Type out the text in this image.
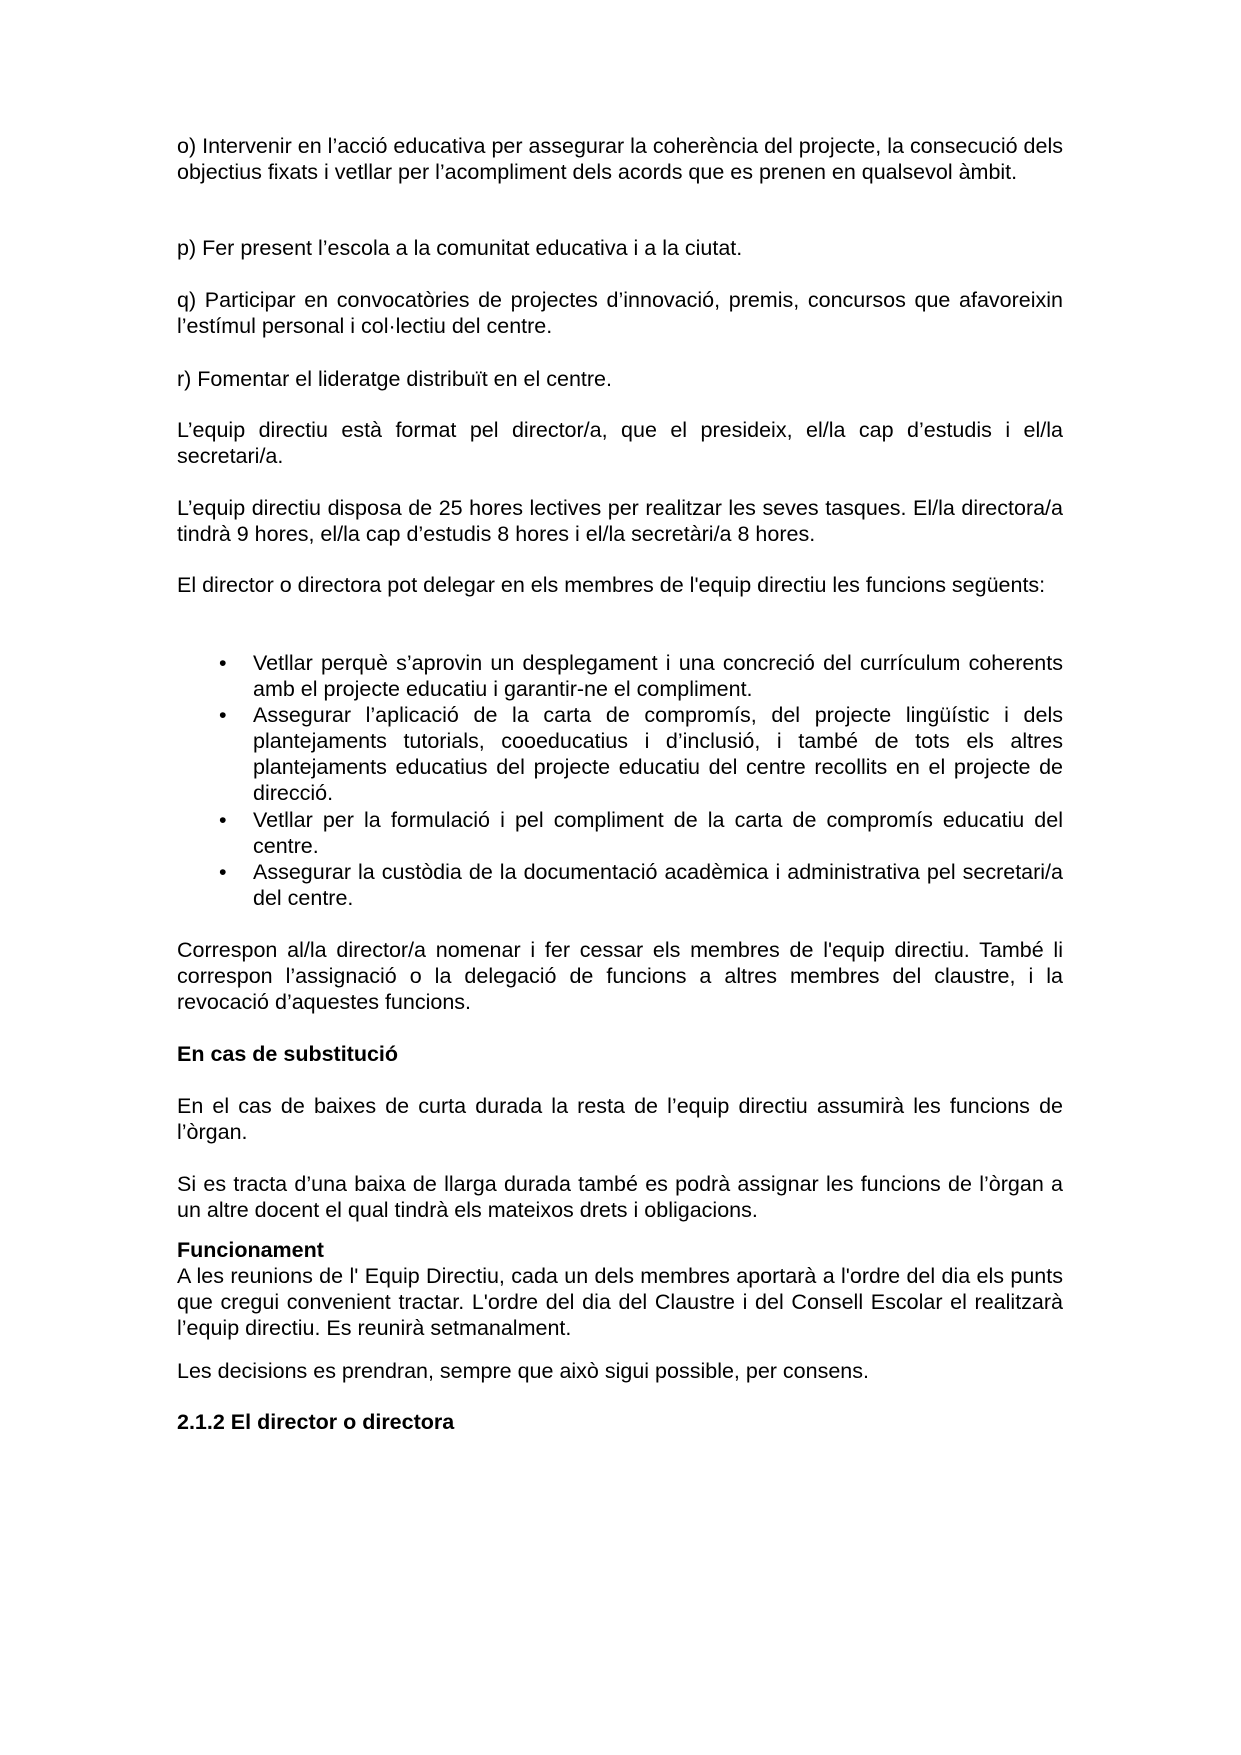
o) Intervenir en l’acció educativa per assegurar la coherència del projecte, la consecució dels objectius fixats i vetllar per l’acompliment dels acords que es prenen en qualsevol àmbit.

p) Fer present l’escola a la comunitat educativa i a la ciutat.

q) Participar en convocatòries de projectes d’innovació, premis, concursos que afavoreixin l’estímul personal i col·lectiu del centre.

r) Fomentar el lideratge distribuït en el centre.

L’equip directiu està format pel director/a, que el presideix, el/la cap d’estudis i el/la secretari/a.

L’equip directiu disposa de 25 hores lectives per realitzar les seves tasques. El/la directora/a tindrà 9 hores, el/la cap d’estudis 8 hores i el/la secretàri/a 8 hores.

El director o directora pot delegar en els membres de l'equip directiu les funcions següents:

• Vetllar perquè s’aprovin un desplegament i una concreció del currículum coherents amb el projecte educatiu i garantir-ne el compliment.
• Assegurar l’aplicació de la carta de compromís, del projecte lingüístic i dels plantejaments tutorials, cooeducatius i d’inclusió, i també de tots els altres plantejaments educatius del projecte educatiu del centre recollits en el projecte de direcció.
• Vetllar per la formulació i pel compliment de la carta de compromís educatiu del centre.
• Assegurar la custòdia de la documentació acadèmica i administrativa pel secretari/a del centre.

Correspon al/la director/a nomenar i fer cessar els membres de l'equip directiu. També li correspon l’assignació o la delegació de funcions a altres membres del claustre, i la revocació d’aquestes funcions.

En cas de substitució

En el cas de baixes de curta durada la resta de l’equip directiu assumirà les funcions de l’òrgan.

Si es tracta d’una baixa de llarga durada també es podrà assignar les funcions de l’òrgan a un altre docent el qual tindrà els mateixos drets i obligacions.

Funcionament

A les reunions de l' Equip Directiu, cada un dels membres aportarà a l'ordre del dia els punts que cregui convenient tractar. L'ordre del dia del Claustre i del Consell Escolar el realitzarà l’equip directiu. Es reunirà setmanalment.

Les decisions es prendran, sempre que això sigui possible, per consens.

2.1.2 El director o directora
